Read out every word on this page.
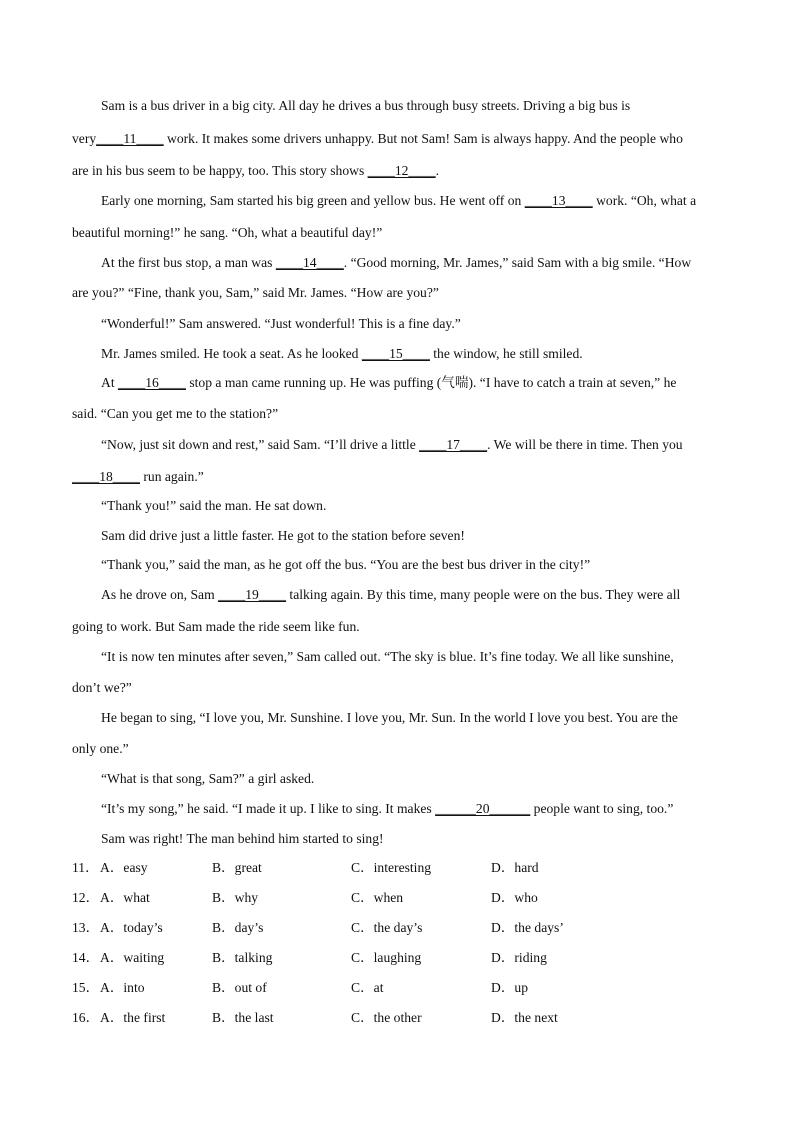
Sam is a bus driver in a big city. All day he drives a bus through busy streets. Driving a big bus is
very____11____ work. It makes some drivers unhappy. But not Sam! Sam is always happy. And the people who
are in his bus seem to be happy, too. This story shows ____12____.
Early one morning, Sam started his big green and yellow bus. He went off on ____13____ work. “Oh, what a
beautiful morning!” he sang. “Oh, what a beautiful day!”
At the first bus stop, a man was ____14____. “Good morning, Mr. James,” said Sam with a big smile. “How
are you?” “Fine, thank you, Sam,” said Mr. James. “How are you?”
“Wonderful!” Sam answered. “Just wonderful! This is a fine day.”
Mr. James smiled. He took a seat. As he looked ____15____ the window, he still smiled.
At ____16____ stop a man came running up. He was puffing (气喘). “I have to catch a train at seven,” he
said. “Can you get me to the station?”
“Now, just sit down and rest,” said Sam. “I’ll drive a little ____17____. We will be there in time. Then you
____18____ run again.”
“Thank you!” said the man. He sat down.
Sam did drive just a little faster. He got to the station before seven!
“Thank you,” said the man, as he got off the bus. “You are the best bus driver in the city!”
As he drove on, Sam ____19____ talking again. By this time, many people were on the bus. They were all
going to work. But Sam made the ride seem like fun.
“It is now ten minutes after seven,” Sam called out. “The sky is blue. It’s fine today. We all like sunshine,
don’t we?”
He began to sing, “I love you, Mr. Sunshine. I love you, Mr. Sun. In the world I love you best. You are the
only one.”
“What is that song, Sam?” a girl asked.
“It’s my song,” he said. “I made it up. I like to sing. It makes ______20______ people want to sing, too.”
Sam was right! The man behind him started to sing!
11． A．easy	B．great	C．interesting	D．hard
12． A．what	B．why	C．when	D．who
13． A．today’s	B．day’s	C．the day’s	D．the days’
14． A．waiting	B．talking	C．laughing	D．riding
15． A．into	B．out of	C．at	D．up
16． A．the first	B．the last	C．the other	D．the next
